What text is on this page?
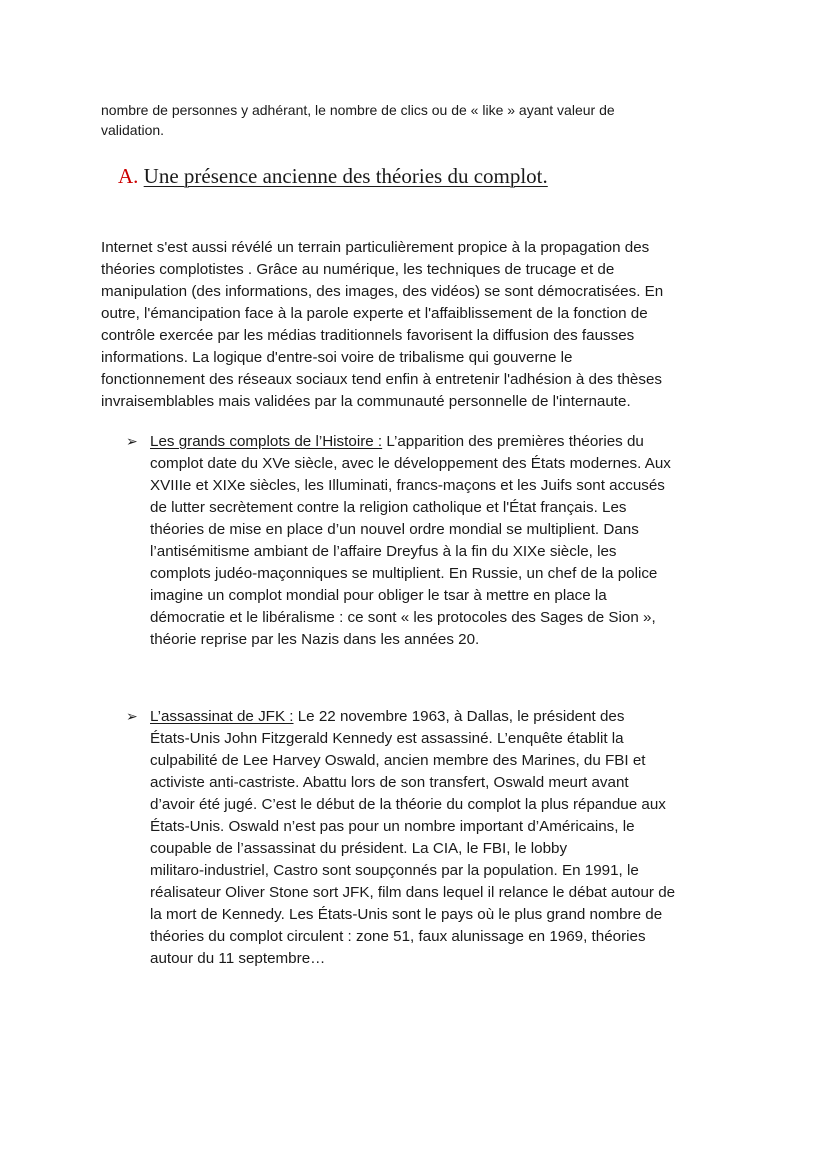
nombre de personnes y adhérant, le nombre de clics ou de « like » ayant valeur de
validation.

A. Une présence ancienne des théories du complot.

Internet s'est aussi révélé un terrain particulièrement propice à la propagation des
théories complotistes . Grâce au numérique, les techniques de trucage et de
manipulation (des informations, des images, des vidéos) se sont démocratisées. En
outre, l'émancipation face à la parole experte et l'affaiblissement de la fonction de
contrôle exercée par les médias traditionnels favorisent la diffusion des fausses
informations. La logique d'entre-soi voire de tribalisme qui gouverne le
fonctionnement des réseaux sociaux tend enfin à entretenir l'adhésion à des thèses
invraisemblables mais validées par la communauté personnelle de l'internaute.

➢ Les grands complots de l’Histoire : L’apparition des premières théories du
complot date du XVe siècle, avec le développement des États modernes. Aux
XVIIIe et XIXe siècles, les Illuminati, francs-maçons et les Juifs sont accusés
de lutter secrètement contre la religion catholique et l'État français. Les
théories de mise en place d’un nouvel ordre mondial se multiplient. Dans
l’antisémitisme ambiant de l’affaire Dreyfus à la fin du XIXe siècle, les
complots judéo-maçonniques se multiplient. En Russie, un chef de la police
imagine un complot mondial pour obliger le tsar à mettre en place la
démocratie et le libéralisme : ce sont « les protocoles des Sages de Sion »,
théorie reprise par les Nazis dans les années 20.
➢ L’assassinat de JFK : Le 22 novembre 1963, à Dallas, le président des
États-Unis John Fitzgerald Kennedy est assassiné. L’enquête établit la
culpabilité de Lee Harvey Oswald, ancien membre des Marines, du FBI et
activiste anti-castriste. Abattu lors de son transfert, Oswald meurt avant
d’avoir été jugé. C’est le début de la théorie du complot la plus répandue aux
États-Unis. Oswald n’est pas pour un nombre important d’Américains, le
coupable de l’assassinat du président. La CIA, le FBI, le lobby
militaro-industriel, Castro sont soupçonnés par la population. En 1991, le
réalisateur Oliver Stone sort JFK, film dans lequel il relance le débat autour de
la mort de Kennedy. Les États-Unis sont le pays où le plus grand nombre de
théories du complot circulent : zone 51, faux alunissage en 1969, théories
autour du 11 septembre…
